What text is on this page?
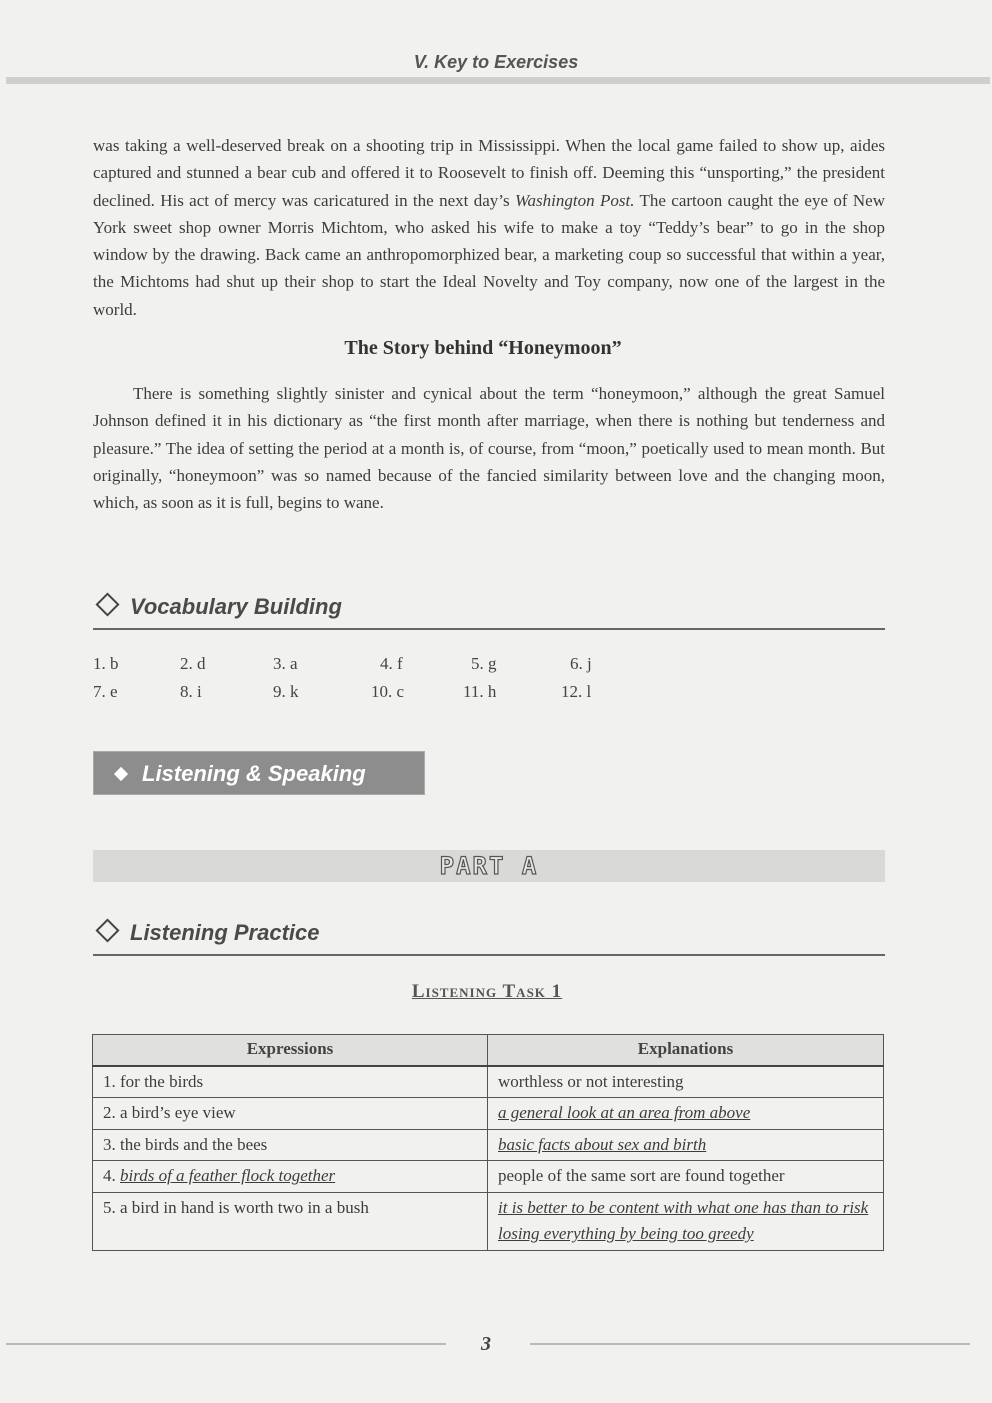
V. Key to Exercises
was taking a well-deserved break on a shooting trip in Mississippi. When the local game failed to show up, aides captured and stunned a bear cub and offered it to Roosevelt to finish off. Deeming this “unsporting,” the president declined. His act of mercy was caricatured in the next day’s Washington Post. The cartoon caught the eye of New York sweet shop owner Morris Michtom, who asked his wife to make a toy “Teddy’s bear” to go in the shop window by the drawing. Back came an anthropomorphized bear, a marketing coup so successful that within a year, the Michtoms had shut up their shop to start the Ideal Novelty and Toy company, now one of the largest in the world.
The Story behind “Honeymoon”
There is something slightly sinister and cynical about the term “honeymoon,” although the great Samuel Johnson defined it in his dictionary as “the first month after marriage, when there is nothing but tenderness and pleasure.” The idea of setting the period at a month is, of course, from “moon,” poetically used to mean month. But originally, “honeymoon” was so named because of the fancied similarity between love and the changing moon, which, as soon as it is full, begins to wane.
Vocabulary Building
1. b	2. d	3. a	4. f	5. g	6. j
7. e	8. i	9. k	10. c	11. h	12. l
Listening & Speaking
PART A
Listening Practice
Listening Task 1
Expressions	Explanations
1. for the birds	worthless or not interesting
2. a bird’s eye view	a general look at an area from above
3. the birds and the bees	basic facts about sex and birth
4. birds of a feather flock together	people of the same sort are found together
5. a bird in hand is worth two in a bush	it is better to be content with what one has than to risk losing everything by being too greedy
3
